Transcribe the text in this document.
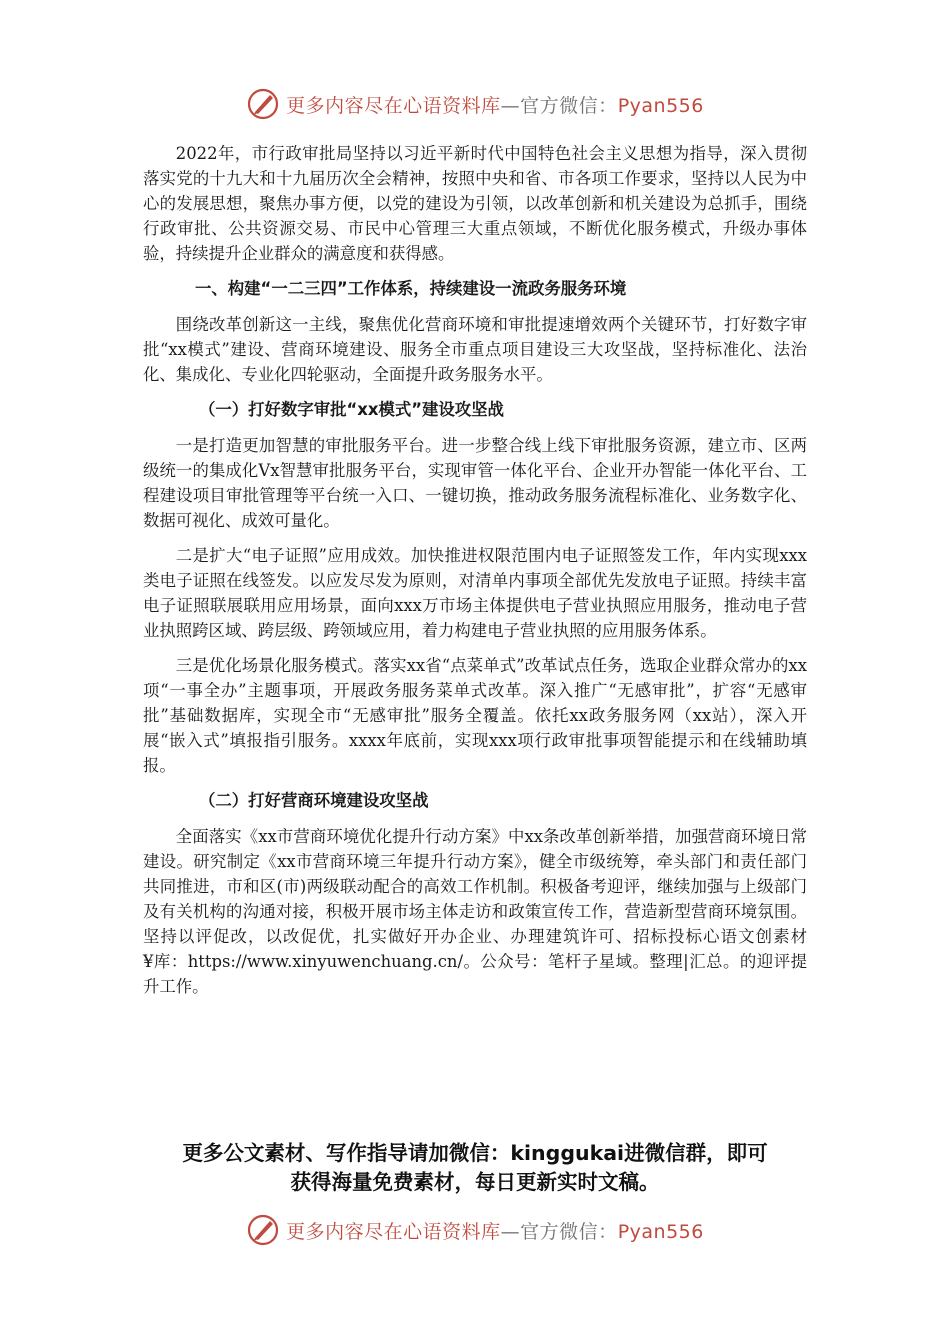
更多内容尽在心语资料库—官方微信：Pyan556

2022年，市行政审批局坚持以习近平新时代中国特色社会主义思想为指导，深入贯彻落实党的十九大和十九届历次全会精神，按照中央和省、市各项工作要求，坚持以人民为中心的发展思想，聚焦办事方便，以党的建设为引领，以改革创新和机关建设为总抓手，围绕行政审批、公共资源交易、市民中心管理三大重点领域，不断优化服务模式，升级办事体验，持续提升企业群众的满意度和获得感。

一、构建“一二三四”工作体系，持续建设一流政务服务环境

围绕改革创新这一主线，聚焦优化营商环境和审批提速增效两个关键环节，打好数字审批“xx模式”建设、营商环境建设、服务全市重点项目建设三大攻坚战，坚持标准化、法治化、集成化、专业化四轮驱动，全面提升政务服务水平。

（一）打好数字审批“xx模式”建设攻坚战

一是打造更加智慧的审批服务平台。进一步整合线上线下审批服务资源，建立市、区两级统一的集成化Vx智慧审批服务平台，实现审管一体化平台、企业开办智能一体化平台、工程建设项目审批管理等平台统一入口、一键切换，推动政务服务流程标准化、业务数字化、数据可视化、成效可量化。

二是扩大“电子证照”应用成效。加快推进权限范围内电子证照签发工作，年内实现xxx类电子证照在线签发。以应发尽发为原则，对清单内事项全部优先发放电子证照。持续丰富电子证照联展联用应用场景，面向xxx万市场主体提供电子营业执照应用服务，推动电子营业执照跨区域、跨层级、跨领域应用，着力构建电子营业执照的应用服务体系。

三是优化场景化服务模式。落实xx省“点菜单式”改革试点任务，选取企业群众常办的xx项“一事全办”主题事项，开展政务服务菜单式改革。深入推广“无感审批”，扩容“无感审批”基础数据库，实现全市“无感审批”服务全覆盖。依托xx政务服务网（xx站），深入开展“嵌入式”填报指引服务。xxxx年底前，实现xxx项行政审批事项智能提示和在线辅助填报。

（二）打好营商环境建设攻坚战

全面落实《xx市营商环境优化提升行动方案》中xx条改革创新举措，加强营商环境日常建设。研究制定《xx市营商环境三年提升行动方案》，健全市级统筹，牵头部门和责任部门共同推进，市和区(市)两级联动配合的高效工作机制。积极备考迎评，继续加强与上级部门及有关机构的沟通对接，积极开展市场主体走访和政策宣传工作，营造新型营商环境氛围。坚持以评促改，以改促优，扎实做好开办企业、办理建筑许可、招标投标心语文创素材¥库：https://www.xinyuwenchuang.cn/。公众号：笔杆子星域。整理|汇总。的迎评提升工作。

更多公文素材、写作指导请加微信：kinggukai进微信群，即可
获得海量免费素材，每日更新实时文稿。
更多内容尽在心语资料库—官方微信：Pyan556
